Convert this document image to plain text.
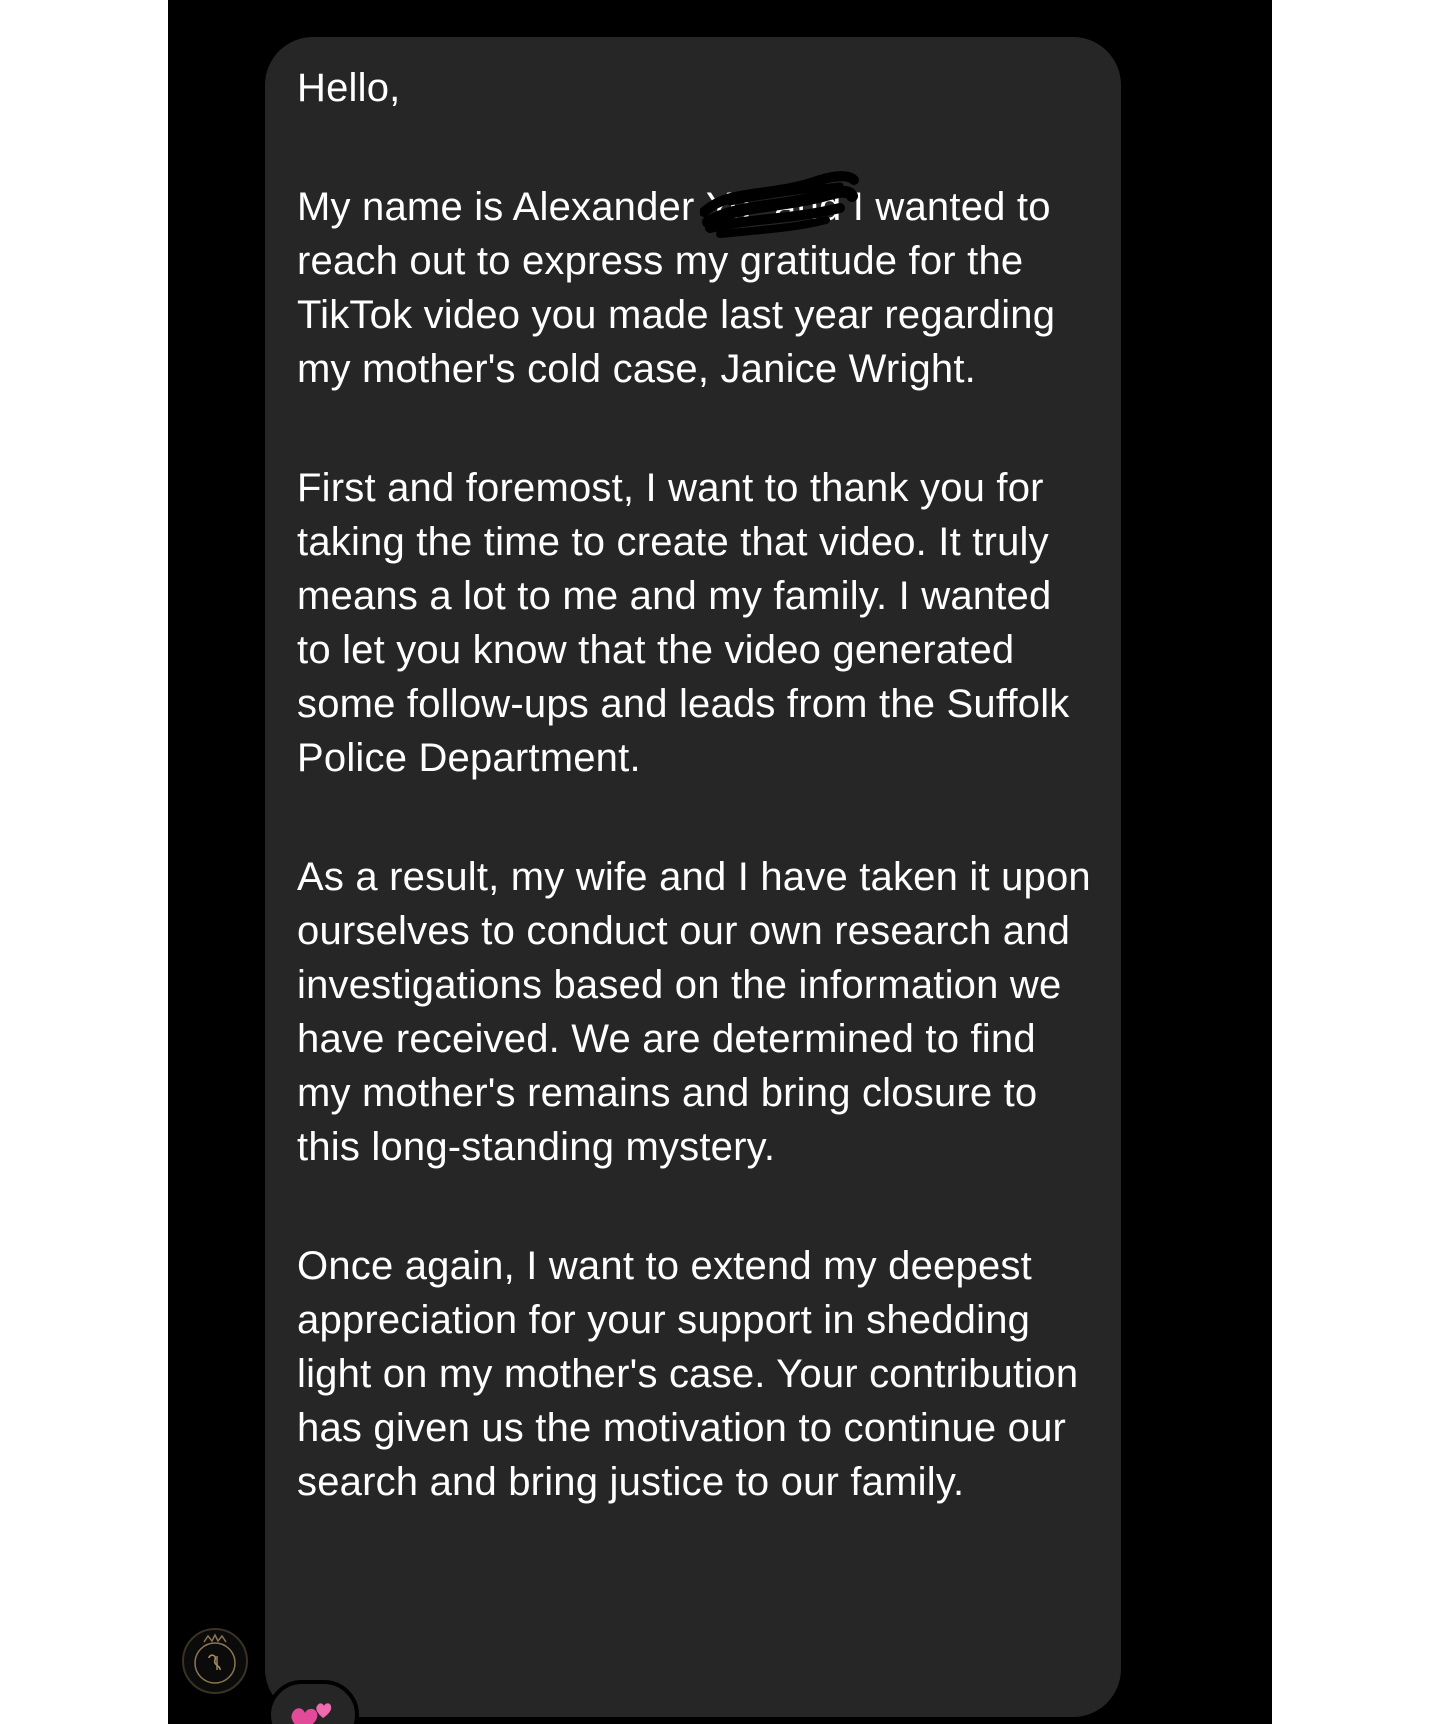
Hello,

My name is Alexander Yo
. and I wanted to reach out to express my gratitude for the TikTok video you made last year regarding my mother's cold case, Janice Wright.

First and foremost, I want to thank you for taking the time to create that video. It truly means a lot to me and my family. I wanted to let you know that the video generated some follow-ups and leads from the Suffolk Police Department.

As a result, my wife and I have taken it upon ourselves to conduct our own research and investigations based on the information we have received. We are determined to find my mother's remains and bring closure to this long-standing mystery.

Once again, I want to extend my deepest appreciation for your support in shedding light on my mother's case. Your contribution has given us the motivation to continue our search and bring justice to our family.
